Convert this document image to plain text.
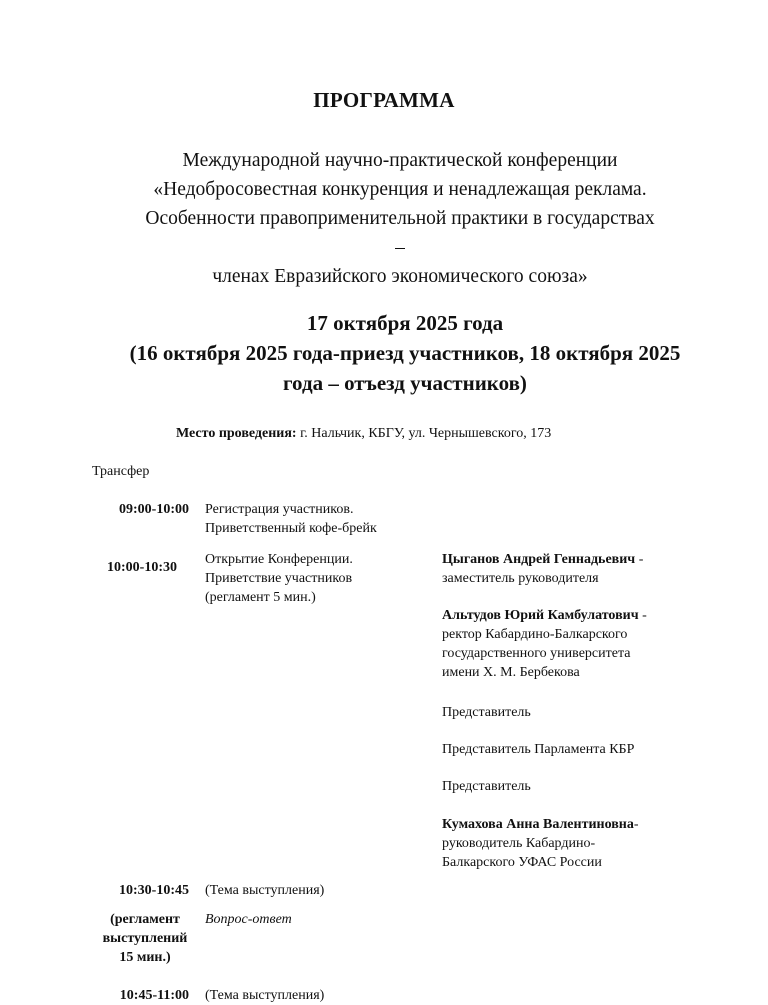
ПРОГРАММА
Международной научно-практической конференции
«Недобросовестная конкуренция и ненадлежащая реклама.
Особенности правоприменительной практики в государствах
–
членах Евразийского экономического союза»
17 октября 2025 года
(16 октября 2025 года-приезд участников, 18 октября 2025
года – отъезд участников)
Место проведения: г. Нальчик, КБГУ, ул. Чернышевского, 173
Трансфер
09:00-10:00 Регистрация участников.
Приветственный кофе-брейк
10:00-10:30
Открытие Конференции.
Приветствие участников
(регламент 5 мин.)
Цыганов Андрей Геннадьевич -
заместитель руководителя
Альтудов Юрий Камбулатович -
ректор Кабардино-Балкарского
государственного университета
имени Х. М. Бербекова
Представитель
Представитель Парламента КБР
Представитель
Кумахова Анна Валентиновна-
руководитель Кабардино-
Балкарского УФАС России
10:30-10:45 (Тема выступления)
(регламент
выступлений
15 мин.)
Вопрос-ответ
10:45-11:00 (Тема выступления)
